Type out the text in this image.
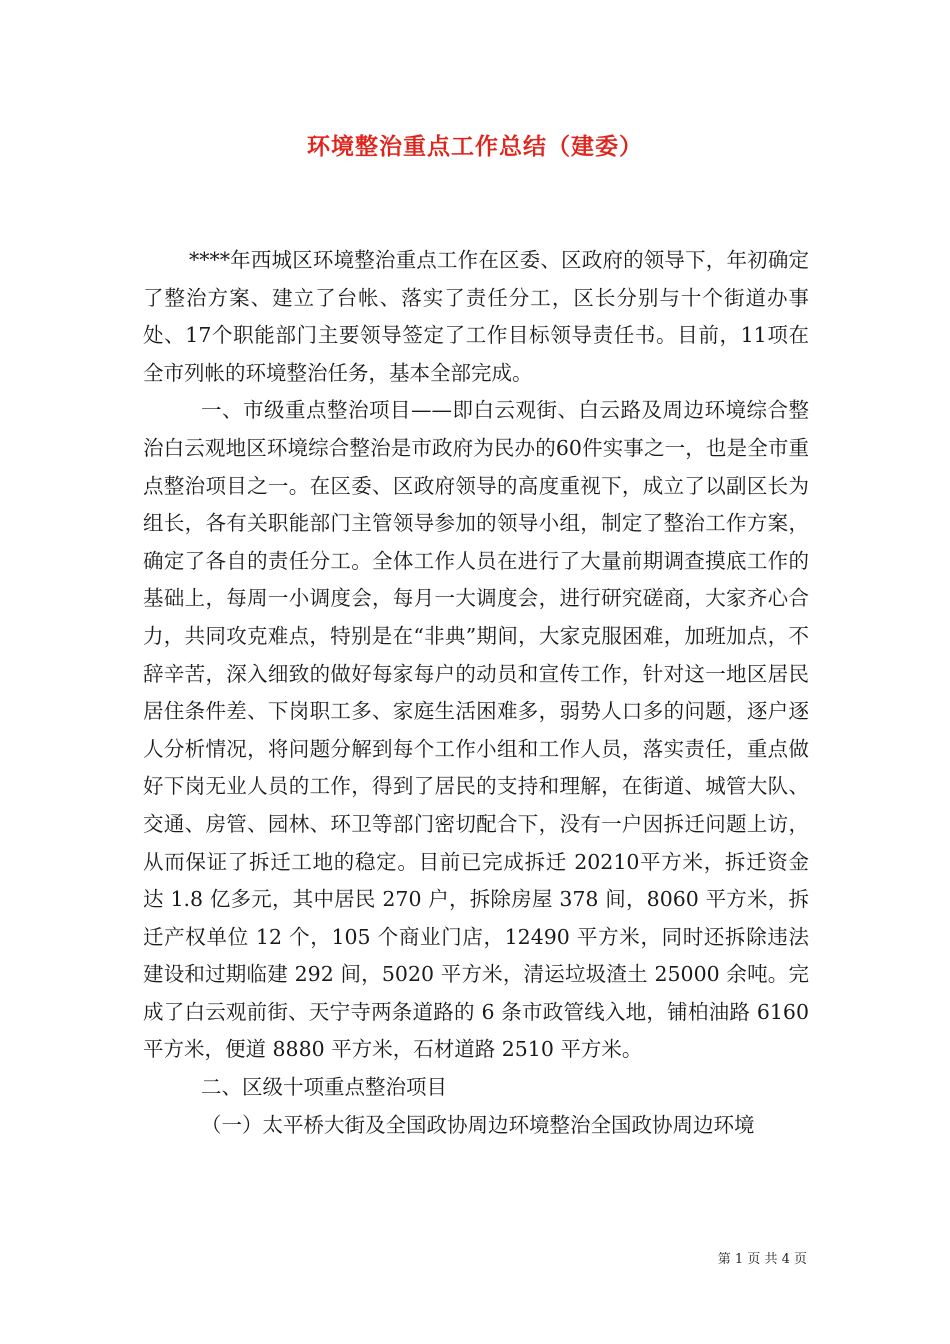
环境整治重点工作总结（建委）

****年西城区环境整治重点工作在区委、区政府的领导下，年初确定了整治方案、建立了台帐、落实了责任分工，区长分别与十个街道办事处、17个职能部门主要领导签定了工作目标领导责任书。目前，11项在全市列帐的环境整治任务，基本全部完成。

一、市级重点整治项目——即白云观街、白云路及周边环境综合整治白云观地区环境综合整治是市政府为民办的60件实事之一，也是全市重点整治项目之一。在区委、区政府领导的高度重视下，成立了以副区长为组长，各有关职能部门主管领导参加的领导小组，制定了整治工作方案，确定了各自的责任分工。全体工作人员在进行了大量前期调查摸底工作的基础上，每周一小调度会，每月一大调度会，进行研究磋商，大家齐心合力，共同攻克难点，特别是在“非典”期间，大家克服困难，加班加点，不辞辛苦，深入细致的做好每家每户的动员和宣传工作，针对这一地区居民居住条件差、下岗职工多、家庭生活困难多，弱势人口多的问题，逐户逐人分析情况，将问题分解到每个工作小组和工作人员，落实责任，重点做好下岗无业人员的工作，得到了居民的支持和理解，在街道、城管大队、交通、房管、园林、环卫等部门密切配合下，没有一户因拆迁问题上访，从而保证了拆迁工地的稳定。目前已完成拆迁 20210平方米，拆迁资金达 1.8 亿多元，其中居民 270 户，拆除房屋 378 间，8060 平方米，拆迁产权单位 12 个，105 个商业门店，12490 平方米，同时还拆除违法建设和过期临建 292 间，5020 平方米，清运垃圾渣土 25000 余吨。完成了白云观前街、天宁寺两条道路的 6 条市政管线入地，铺柏油路 6160 平方米，便道 8880 平方米，石材道路 2510 平方米。

二、区级十项重点整治项目

（一）太平桥大街及全国政协周边环境整治全国政协周边环境

第 1 页 共 4 页
